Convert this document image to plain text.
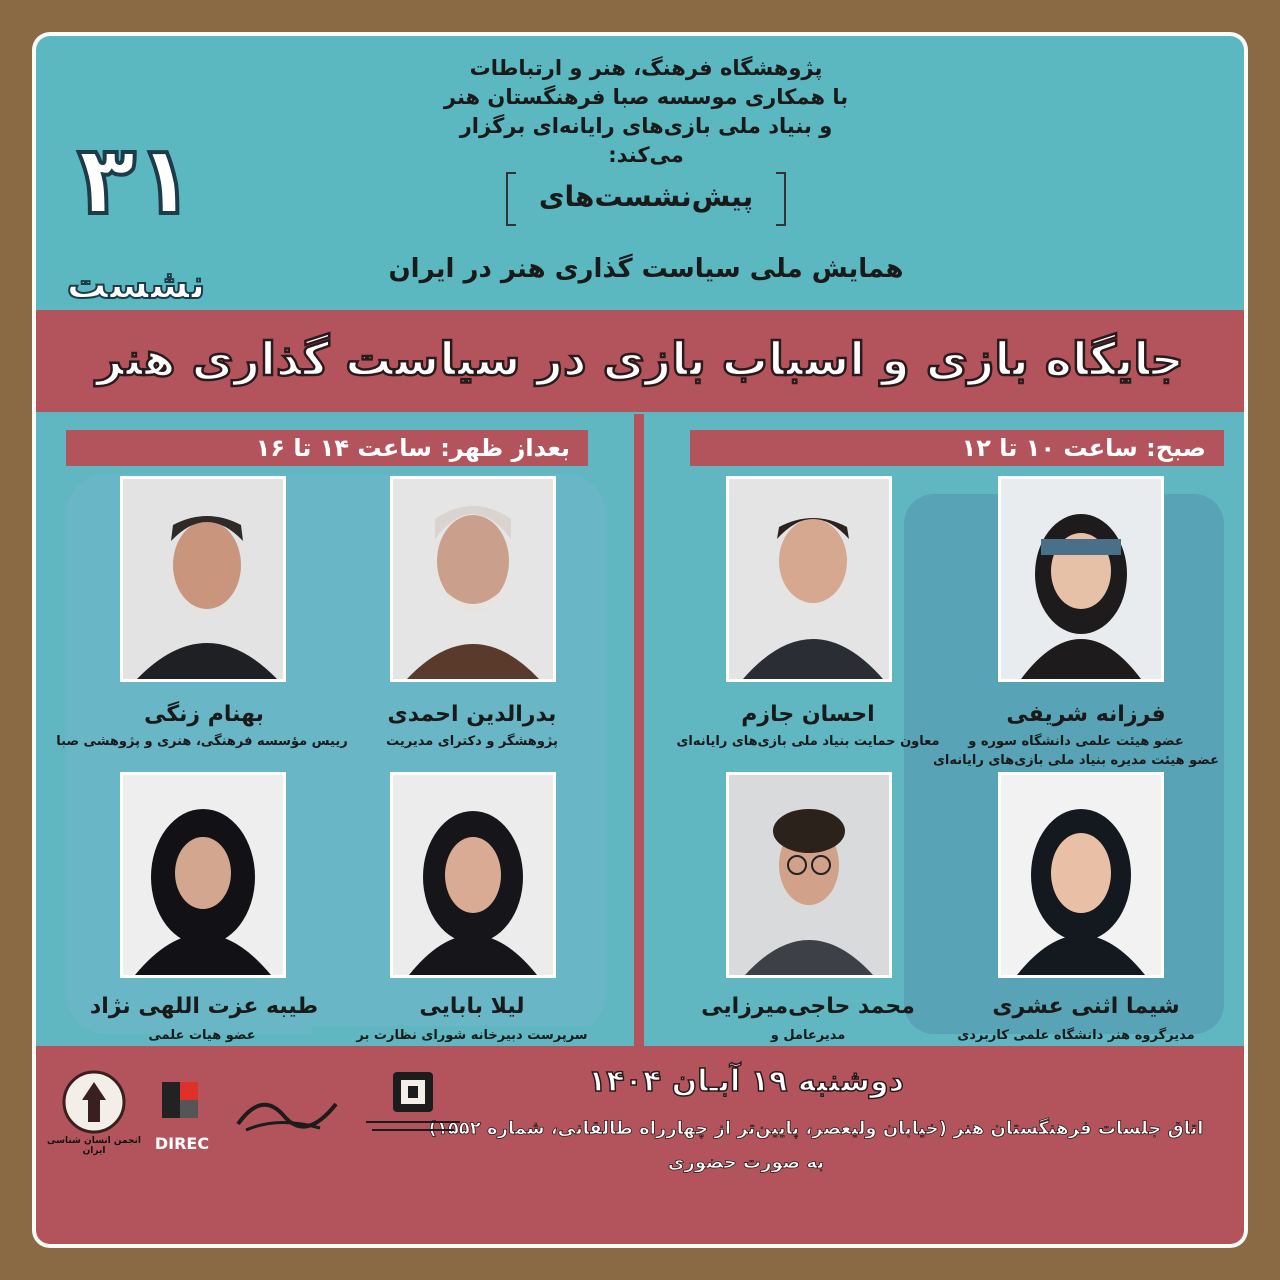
پژوهشگاه فرهنگ، هنر و ارتباطات
با همکاری موسسه صبا فرهنگستان هنر
و بنیاد ملی بازی‌های رایانه‌ای برگزار می‌کند:
پیش‌نشست‌های
همایش ملی سیاست گذاری هنر در ایران
۳۱
نشست
جایگاه بازی و اسباب بازی در سیاست گذاری هنر
بعداز ظهر: ساعت ۱۴ تا ۱۶	صبح: ساعت ۱۰ تا ۱۲
فرزانه شریفی
عضو هیئت علمی دانشگاه سوره و
عضو هیئت مدیره بنیاد ملی بازی‌های رایانه‌ای
احسان جازم
معاون حمایت بنیاد ملی بازی‌های رایانه‌ای
شیما اثنی عشری
مدیرگروه هنر دانشگاه علمی کاربردی
محمد حاجی‌میرزایی
مدیرعامل و
بدرالدین احمدی
پژوهشگر و دکترای مدیریت
بهنام زنگی
رییس مؤسسه فرهنگی، هنری و پژوهشی صبا
لیلا بابایی
سرپرست دبیرخانه شورای نظارت بر
طیبه عزت اللهی نژاد
عضو هیات علمی
دوشنبه ۱۹ آبـان ۱۴۰۴
اتاق جلسات فرهنگستان هنر (خیابان ولیعصر، پایین‌تر از چهارراه طالقانی، شماره ۱۵۵۲)
به صورت حضوری
انجمن انسان شناسی ایران	DIREC
